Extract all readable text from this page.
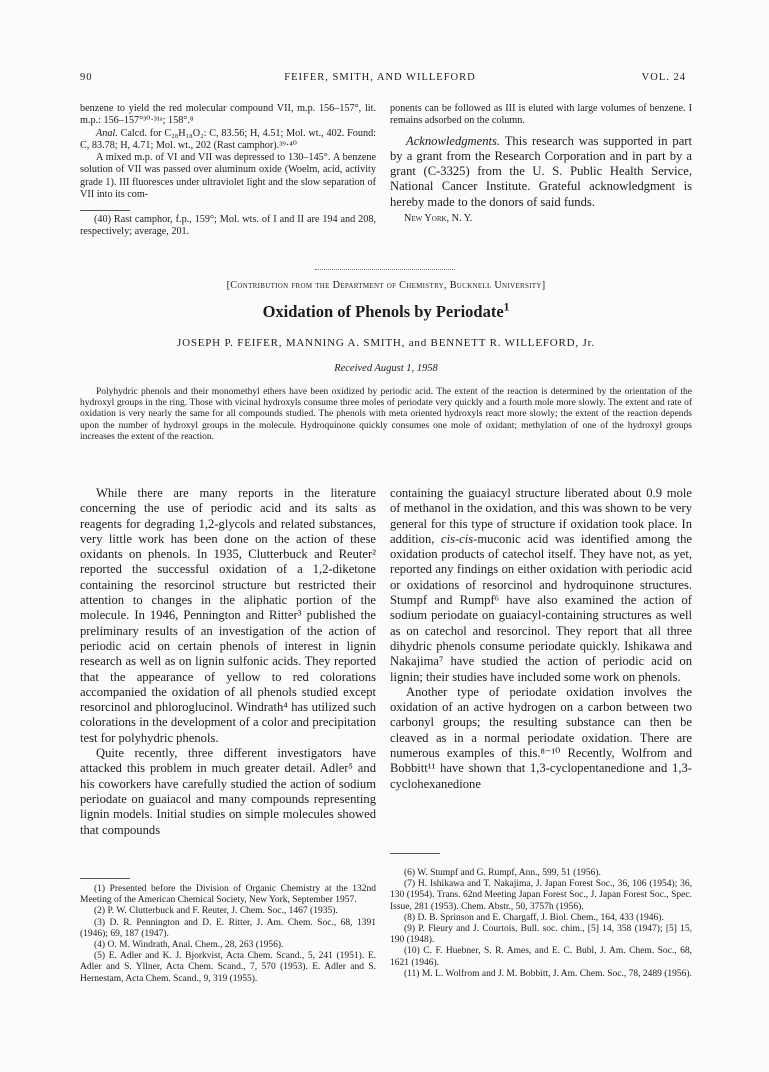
90	FEIFER, SMITH, AND WILLEFORD	VOL. 24

benzene to yield the red molecular compound VII, m.p. 156–157°, lit. m.p.: 156–157°³⁰·³¹ᵃ; 158°.⁸

Anal. Calcd. for C₂₈H₁₈O₂: C, 83.56; H, 4.51; Mol. wt., 402. Found: C, 83.78; H, 4.71; Mol. wt., 202 (Rast camphor).³⁹·⁴⁰

A mixed m.p. of VI and VII was depressed to 130–145°. A benzene solution of VII was passed over aluminum oxide (Woelm, acid, activity grade 1). III fluoresces under ultraviolet light and the slow separation of VII into its com-

(40) Rast camphor, f.p., 159°; Mol. wts. of I and II are 194 and 208, respectively; average, 201.

ponents can be followed as III is eluted with large volumes of benzene. I remains adsorbed on the column.

Acknowledgments. This research was supported in part by a grant from the Research Corporation and in part by a grant (C-3325) from the U. S. Public Health Service, National Cancer Institute. Grateful acknowledgment is hereby made to the donors of said funds.

New York, N. Y.

[Contribution from the Department of Chemistry, Bucknell University]
Oxidation of Phenols by Periodate$^1$
JOSEPH P. FEIFER, MANNING A. SMITH, and BENNETT R. WILLEFORD, Jr.
Received August 1, 1958
Polyhydric phenols and their monomethyl ethers have been oxidized by periodic acid. The extent of the reaction is determined by the orientation of the hydroxyl groups in the ring. Those with vicinal hydroxyls consume three moles of periodate very quickly and a fourth mole more slowly. The extent and rate of oxidation is very nearly the same for all compounds studied. The phenols with meta oriented hydroxyls react more slowly; the extent of the reaction depends upon the number of hydroxyl groups in the molecule. Hydroquinone quickly consumes one mole of oxidant; methylation of one of the hydroxyl groups increases the extent of the reaction.

While there are many reports in the literature concerning the use of periodic acid and its salts as reagents for degrading 1,2-glycols and related substances, very little work has been done on the action of these oxidants on phenols. In 1935, Clutterbuck and Reuter² reported the successful oxidation of a 1,2-diketone containing the resorcinol structure but restricted their attention to changes in the aliphatic portion of the molecule. In 1946, Pennington and Ritter³ published the preliminary results of an investigation of the action of periodic acid on certain phenols of interest in lignin research as well as on lignin sulfonic acids. They reported that the appearance of yellow to red colorations accompanied the oxidation of all phenols studied except resorcinol and phloroglucinol. Windrath⁴ has utilized such colorations in the development of a color and precipitation test for polyhydric phenols.

Quite recently, three different investigators have attacked this problem in much greater detail. Adler⁵ and his coworkers have carefully studied the action of sodium periodate on guaiacol and many compounds representing lignin models. Initial studies on simple molecules showed that compounds

containing the guaiacyl structure liberated about 0.9 mole of methanol in the oxidation, and this was shown to be very general for this type of structure if oxidation took place. In addition, cis-cis-muconic acid was identified among the oxidation products of catechol itself. They have not, as yet, reported any findings on either oxidation with periodic acid or oxidations of resorcinol and hydroquinone structures. Stumpf and Rumpf⁶ have also examined the action of sodium periodate on guaiacyl-containing structures as well as on catechol and resorcinol. They report that all three dihydric phenols consume periodate quickly. Ishikawa and Nakajima⁷ have studied the action of periodic acid on lignin; their studies have included some work on phenols.

Another type of periodate oxidation involves the oxidation of an active hydrogen on a carbon between two carbonyl groups; the resulting substance can then be cleaved as in a normal periodate oxidation. There are numerous examples of this.⁸⁻¹⁰ Recently, Wolfrom and Bobbitt¹¹ have shown that 1,3-cyclopentanedione and 1,3-cyclohexanedione

(1) Presented before the Division of Organic Chemistry at the 132nd Meeting of the American Chemical Society, New York, September 1957.

(2) P. W. Clutterbuck and F. Reuter, J. Chem. Soc., 1467 (1935).

(3) D. R. Pennington and D. E. Ritter, J. Am. Chem. Soc., 68, 1391 (1946); 69, 187 (1947).

(4) O. M. Windrath, Anal. Chem., 28, 263 (1956).

(5) E. Adler and K. J. Bjorkvist, Acta Chem. Scand., 5, 241 (1951). E. Adler and S. Yllner, Acta Chem. Scand., 7, 570 (1953). E. Adler and S. Hernestam, Acta Chem. Scand., 9, 319 (1955).

(6) W. Stumpf and G. Rumpf, Ann., 599, 51 (1956).

(7) H. Ishikawa and T. Nakajima, J. Japan Forest Soc., 36, 106 (1954); 36, 130 (1954). Trans. 62nd Meeting Japan Forest Soc., J. Japan Forest Soc., Spec. Issue, 281 (1953). Chem. Abstr., 50, 3757h (1956).

(8) D. B. Sprinson and E. Chargaff, J. Biol. Chem., 164, 433 (1946).

(9) P. Fleury and J. Courtois, Bull. soc. chim., [5] 14, 358 (1947); [5] 15, 190 (1948).

(10) C. F. Huebner, S. R. Ames, and E. C. Bubl, J. Am. Chem. Soc., 68, 1621 (1946).

(11) M. L. Wolfrom and J. M. Bobbitt, J. Am. Chem. Soc., 78, 2489 (1956).
